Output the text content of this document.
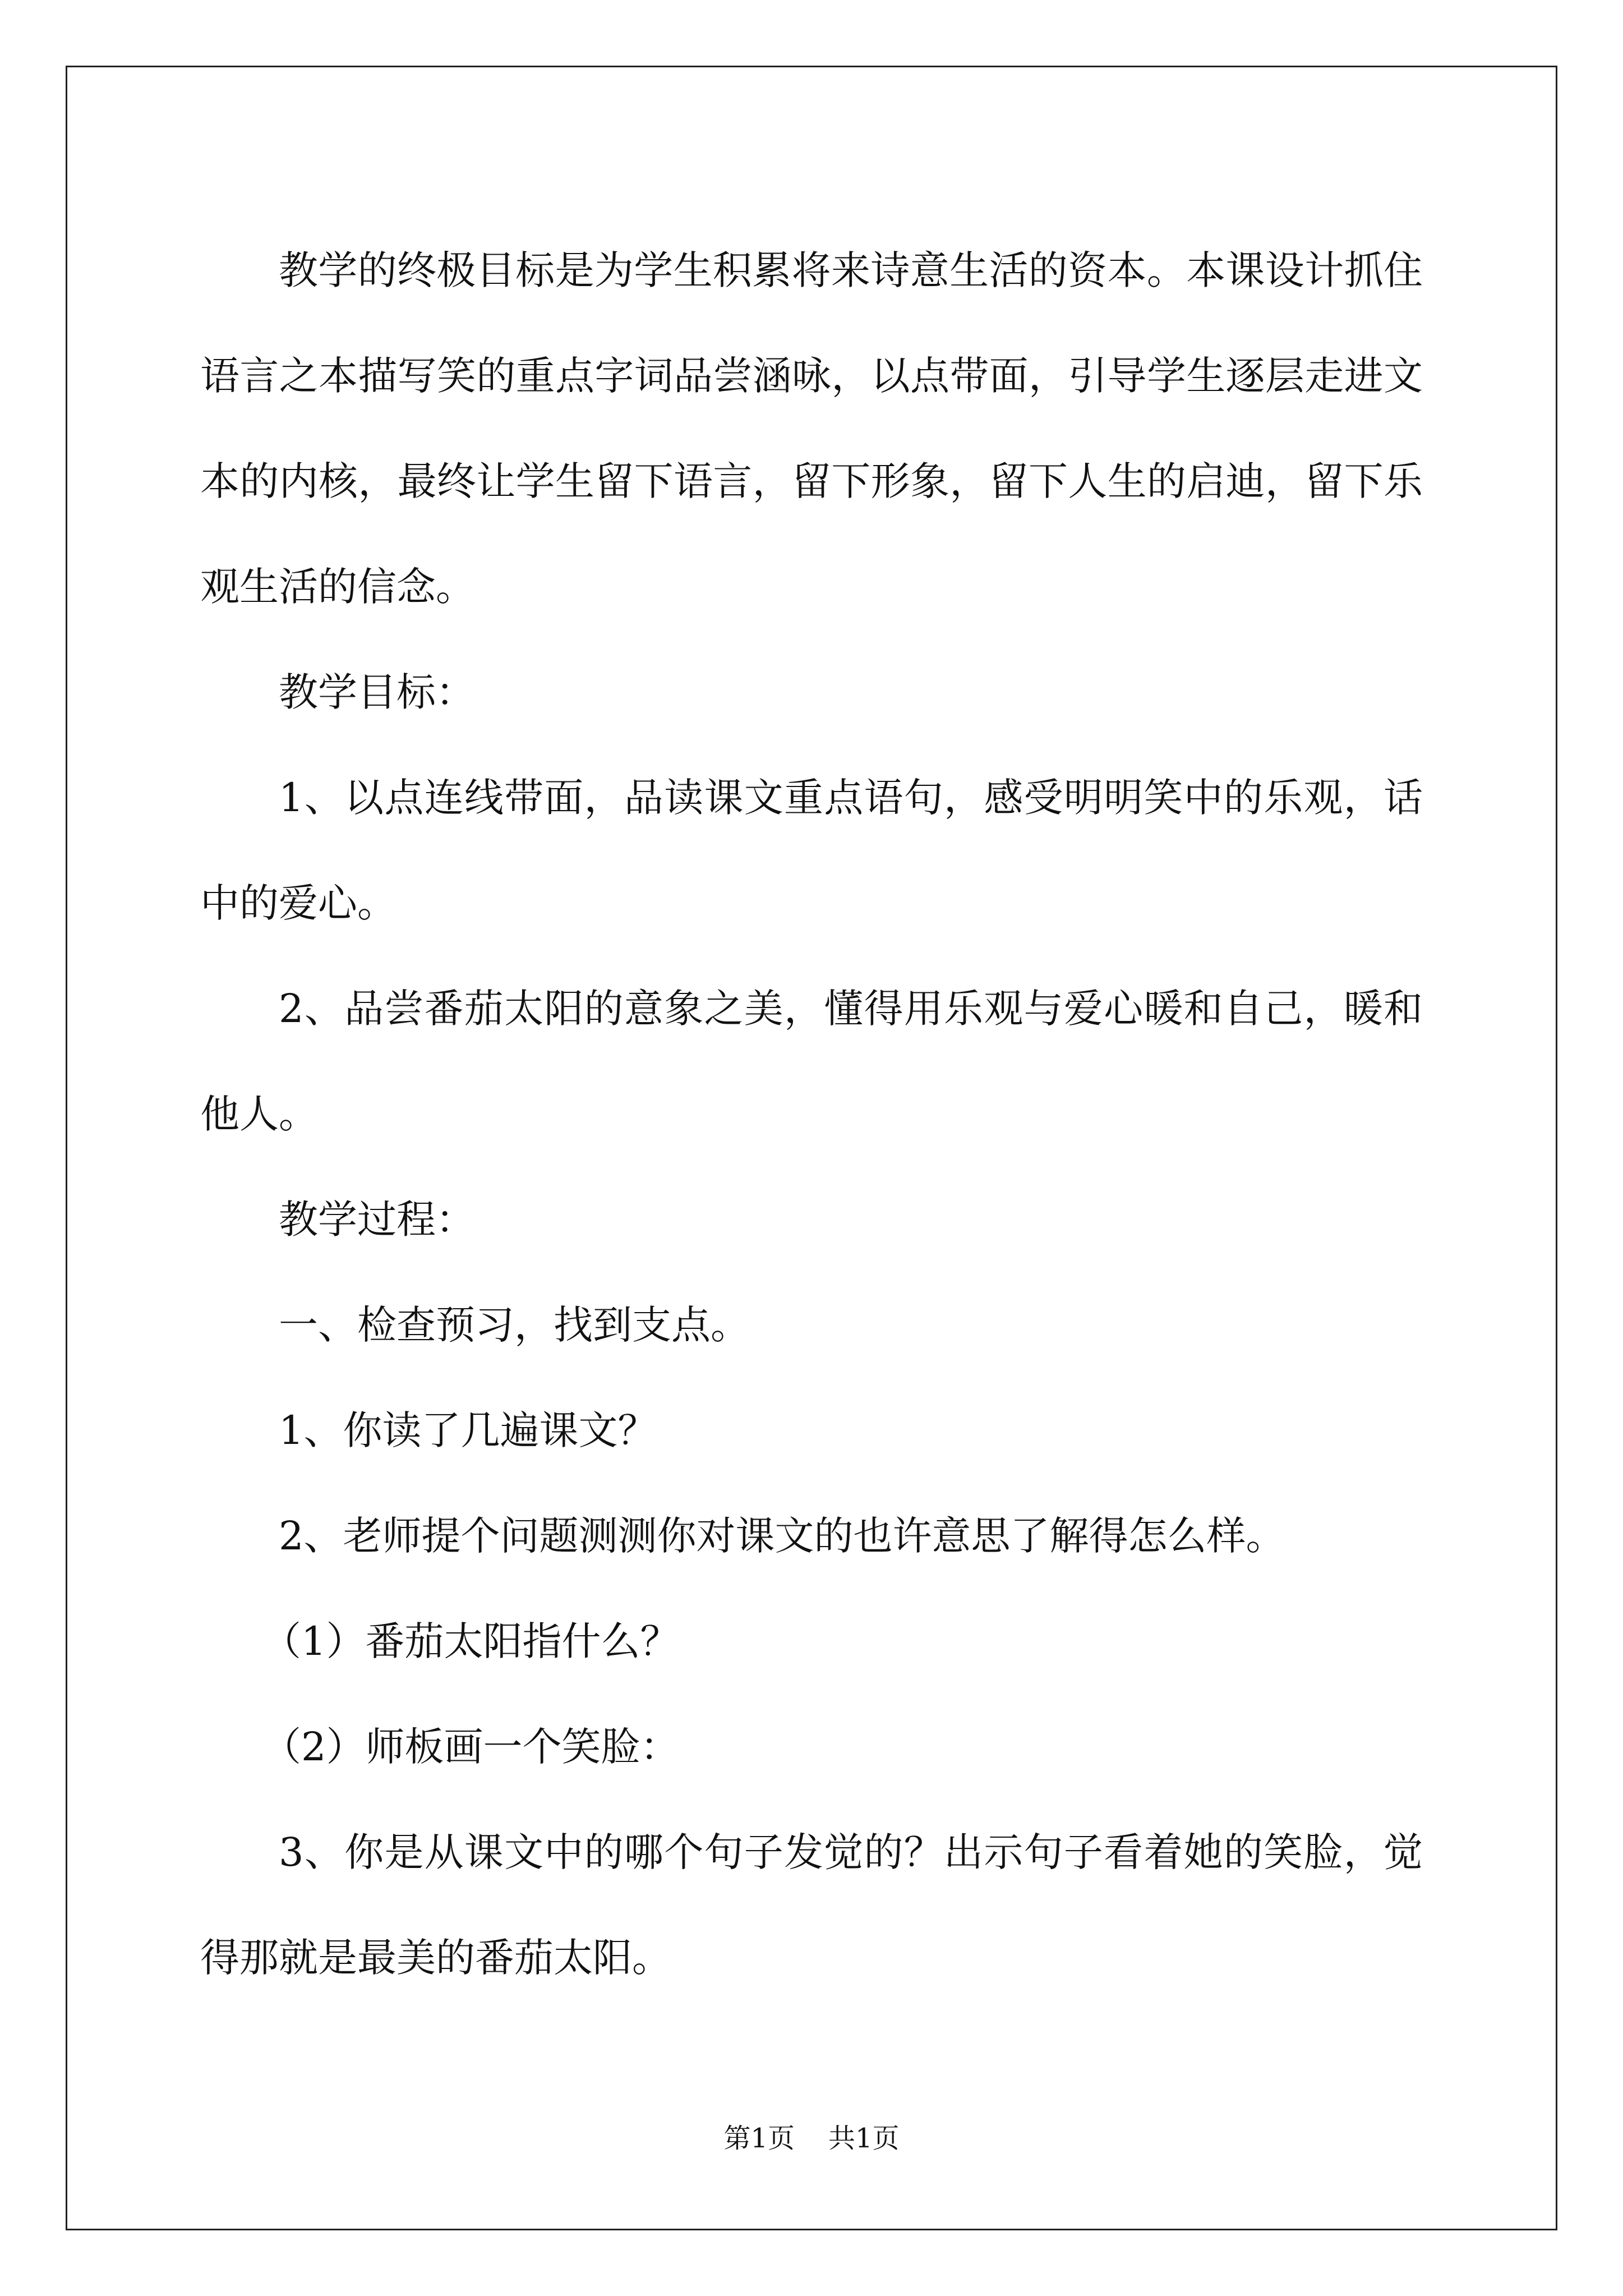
教学的终极目标是为学生积累将来诗意生活的资本。本课设计抓住语言之本描写笑的重点字词品尝涵咏，以点带面，引导学生逐层走进文本的内核，最终让学生留下语言，留下形象，留下人生的启迪，留下乐观生活的信念。

教学目标：

1、以点连线带面，品读课文重点语句，感受明明笑中的乐观，话中的爱心。

2、品尝番茄太阳的意象之美，懂得用乐观与爱心暖和自己，暖和他人。

教学过程：

一、检查预习，找到支点。

1、你读了几遍课文？

2、老师提个问题测测你对课文的也许意思了解得怎么样。

（1）番茄太阳指什么？

（2）师板画一个笑脸：

3、你是从课文中的哪个句子发觉的？出示句子看着她的笑脸，觉得那就是最美的番茄太阳。

第1页 共1页
